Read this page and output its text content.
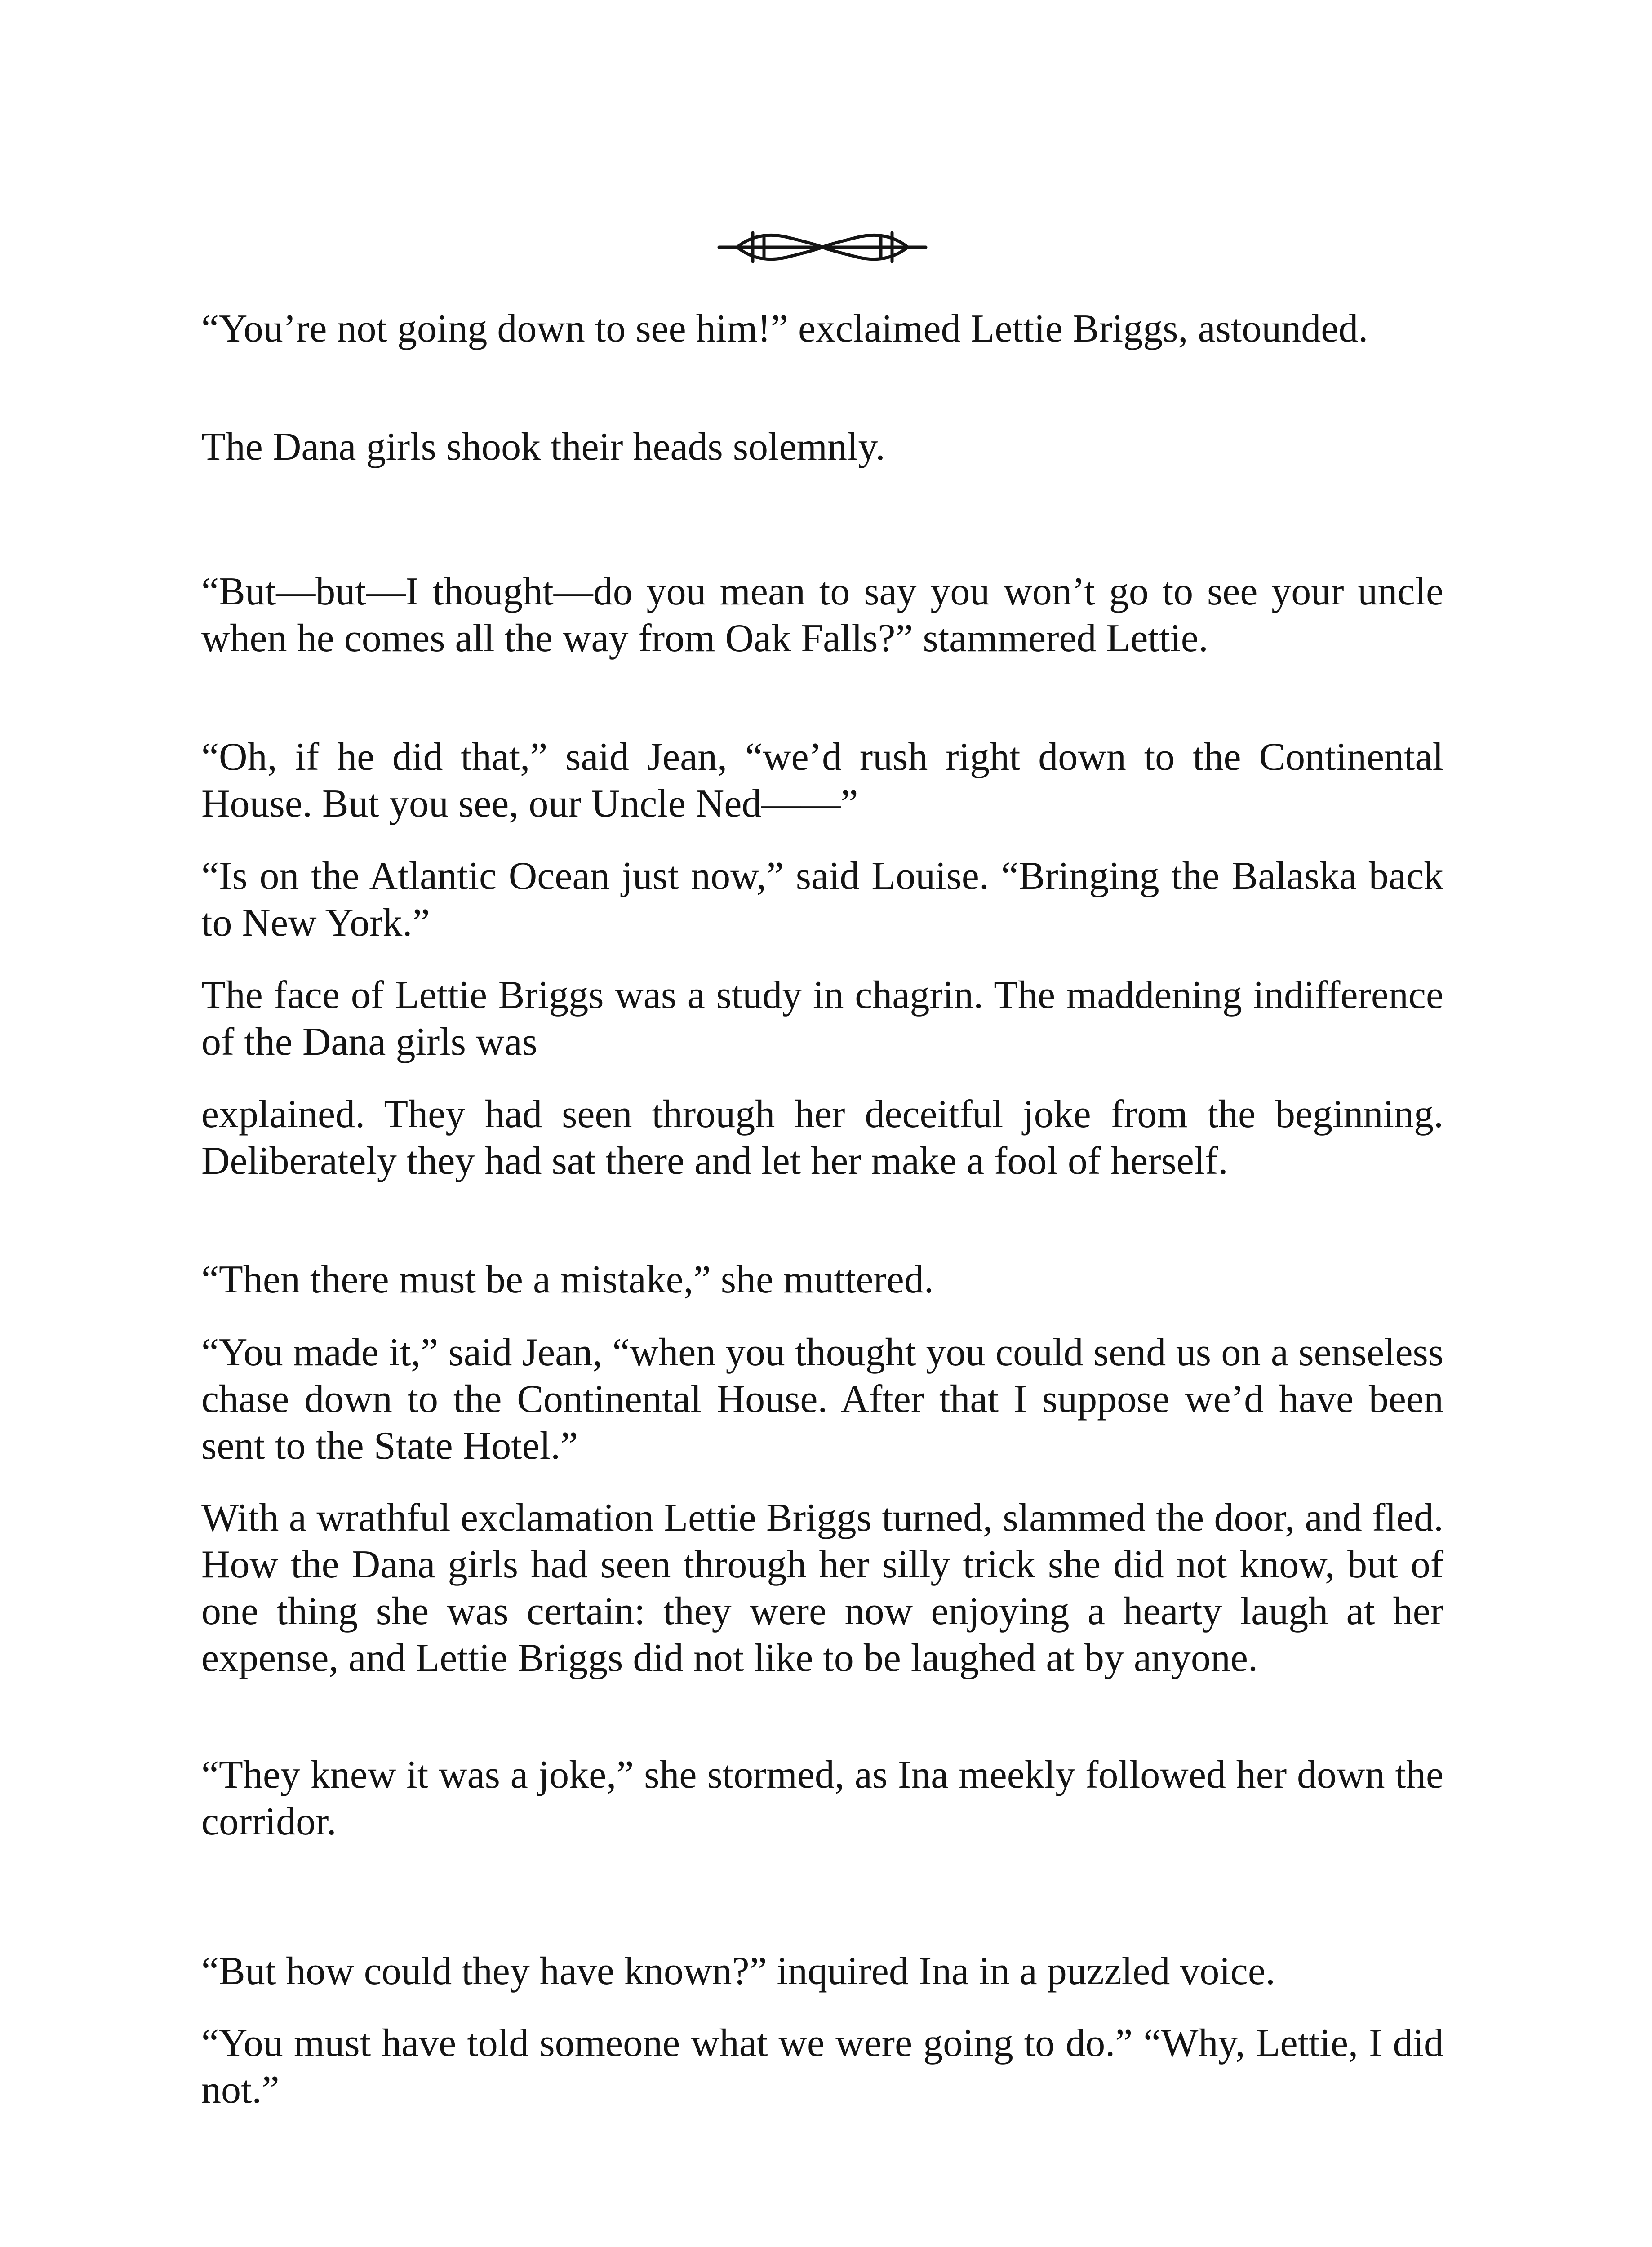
“You’re not going down to see him!” exclaimed Lettie Briggs, astounded.

The Dana girls shook their heads solemnly.

“But—but—I thought—do you mean to say you won’t go to see your uncle when he comes all the way from Oak Falls?” stammered Lettie.

“Oh, if he did that,” said Jean, “we’d rush right down to the Continental House. But you see, our Uncle Ned——”

“Is on the Atlantic Ocean just now,” said Louise. “Bringing the Balaska back to New York.”

The face of Lettie Briggs was a study in chagrin. The maddening indifference of the Dana girls was

explained. They had seen through her deceitful joke from the beginning. Deliberately they had sat there and let her make a fool of herself.

“Then there must be a mistake,” she muttered.

“You made it,” said Jean, “when you thought you could send us on a senseless chase down to the Continental House. After that I suppose we’d have been sent to the State Hotel.”

With a wrathful exclamation Lettie Briggs turned, slammed the door, and fled. How the Dana girls had seen through her silly trick she did not know, but of one thing she was certain: they were now enjoying a hearty laugh at her expense, and Lettie Briggs did not like to be laughed at by anyone.

“They knew it was a joke,” she stormed, as Ina meekly followed her down the corridor.

“But how could they have known?” inquired Ina in a puzzled voice.

“You must have told someone what we were going to do.” “Why, Lettie, I did not.”
